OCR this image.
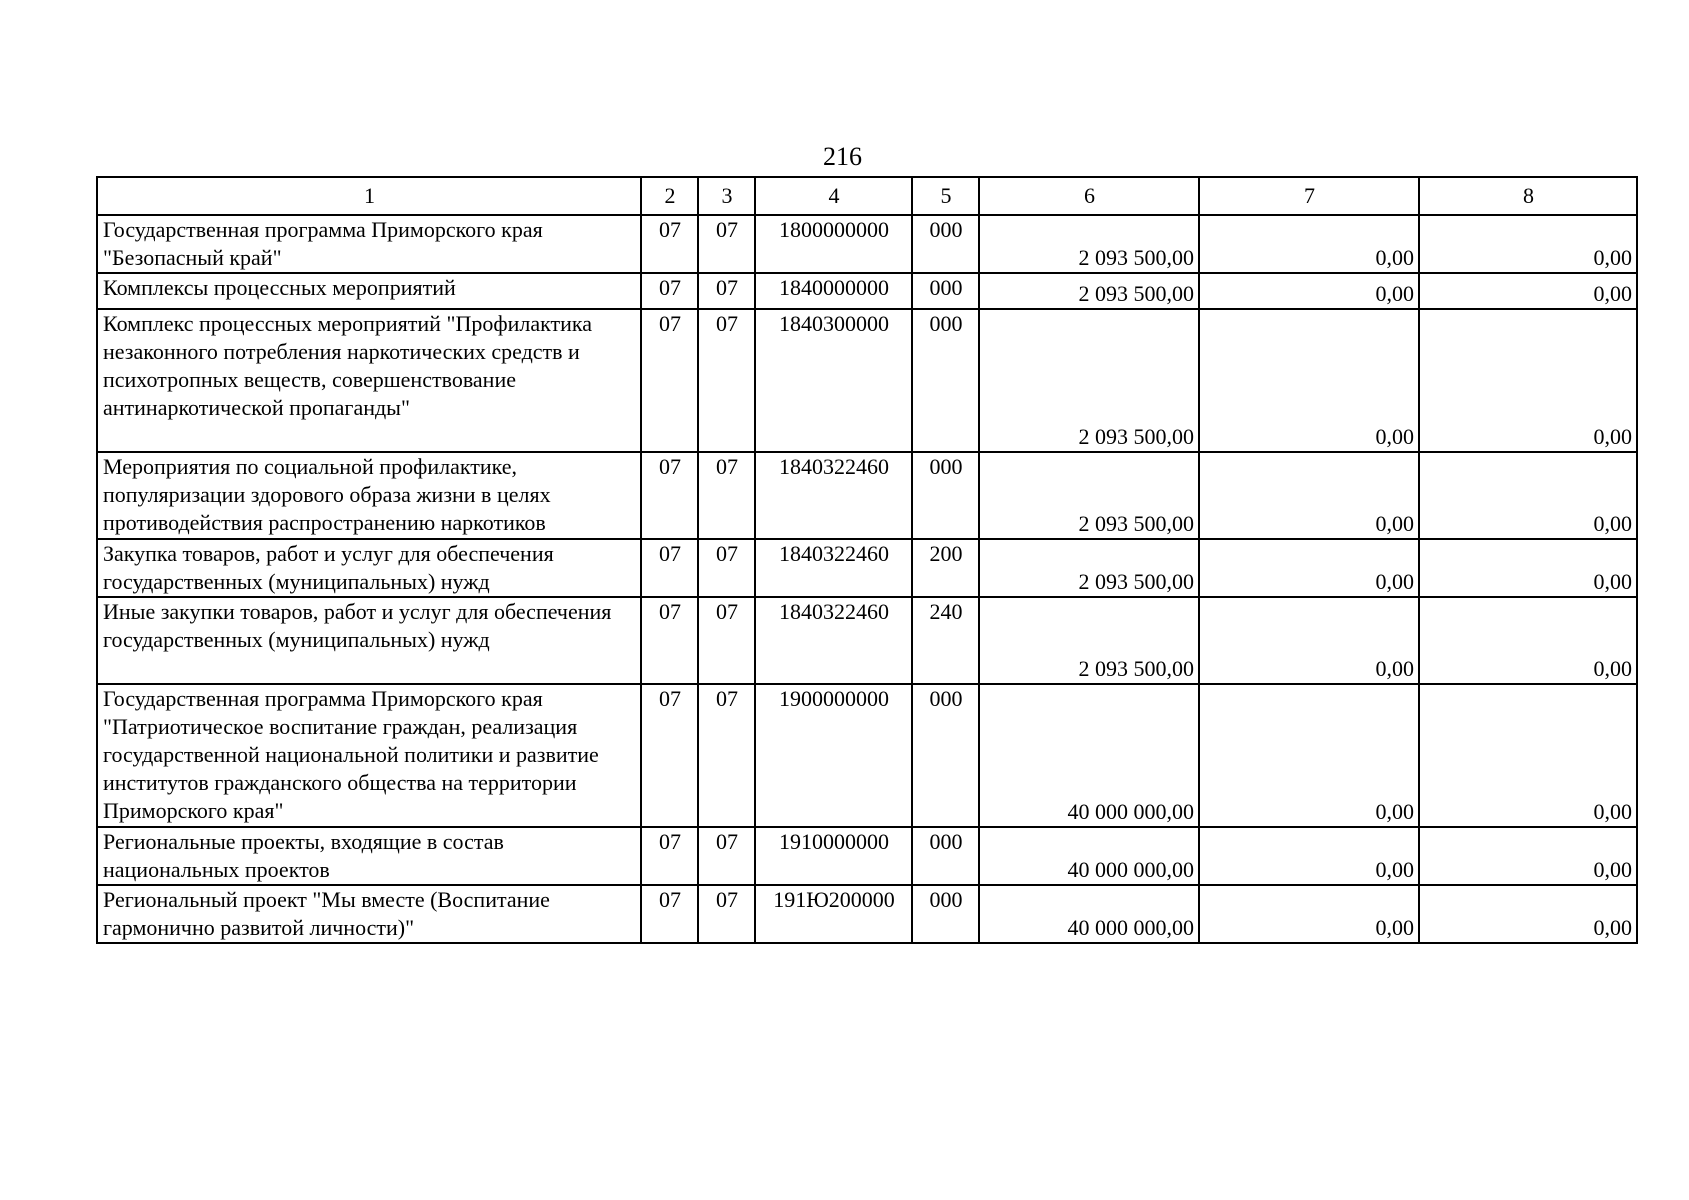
216
1	2	3	4	5	6	7	8
Государственная программа Приморского края "Безопасный край"	07	07	1800000000	000	2 093 500,00	0,00	0,00
Комплексы процессных мероприятий	07	07	1840000000	000	2 093 500,00	0,00	0,00
Комплекс процессных мероприятий "Профилактика незаконного потребления наркотических средств и психотропных веществ, совершенствование антинаркотической пропаганды"	07	07	1840300000	000	2 093 500,00	0,00	0,00
Мероприятия по социальной профилактике, популяризации здорового образа жизни в целях противодействия распространению наркотиков	07	07	1840322460	000	2 093 500,00	0,00	0,00
Закупка товаров, работ и услуг для обеспечения государственных (муниципальных) нужд	07	07	1840322460	200	2 093 500,00	0,00	0,00
Иные закупки товаров, работ и услуг для обеспечения государственных (муниципальных) нужд	07	07	1840322460	240	2 093 500,00	0,00	0,00
Государственная программа Приморского края "Патриотическое воспитание граждан, реализация государственной национальной политики и развитие институтов гражданского общества на территории Приморского края"	07	07	1900000000	000	40 000 000,00	0,00	0,00
Региональные проекты, входящие в состав национальных проектов	07	07	1910000000	000	40 000 000,00	0,00	0,00
Региональный проект "Мы вместе (Воспитание гармонично развитой личности)"	07	07	191Ю200000	000	40 000 000,00	0,00	0,00
